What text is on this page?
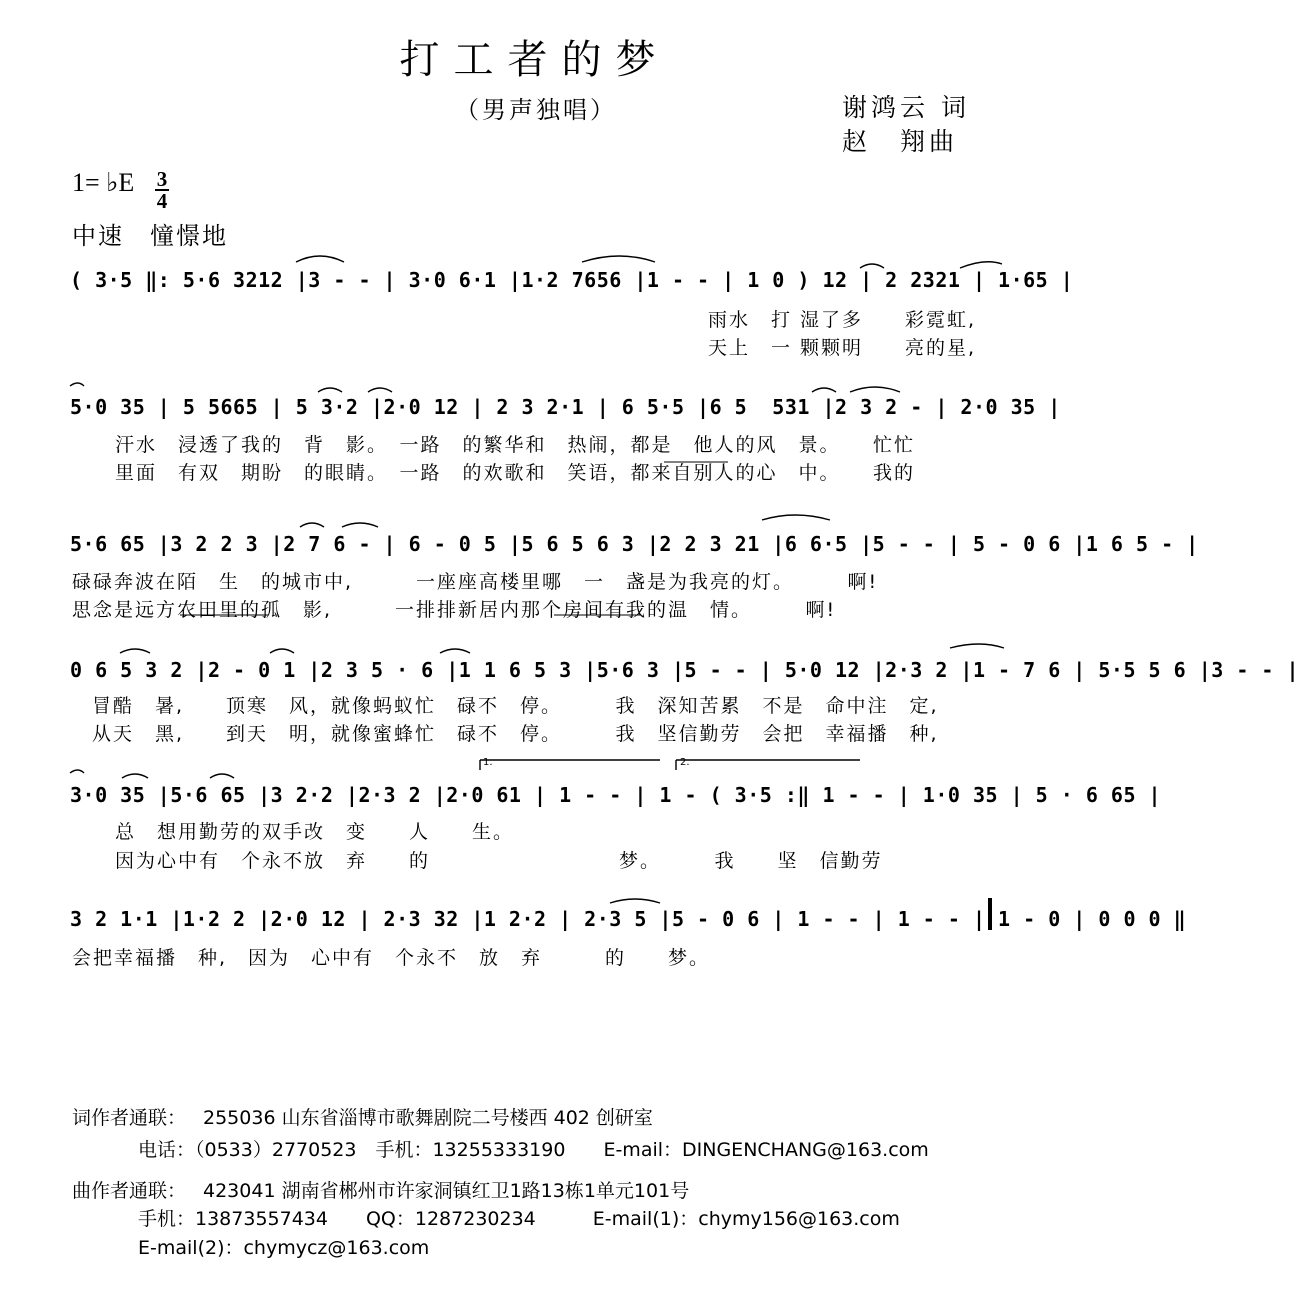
打工者的梦
（男声独唱）	谢鸿云 词
赵　翔曲
1= ♭E 3
4
中速　憧憬地
( 3·5 ‖: 5·6 3212 |3 - - | 3·0 6·1 |1·2 7656 |1 - - | 1 0 ) 12 | 2 2321 | 1·65 |
雨水　打 湿了多　　彩霓虹,
天上　一 颗颗明　　亮的星,
5·0 35 | 5 5665 | 5 3·2 |2·0 12 | 2 3 2·1 | 6 5·5 |6 5  531 |2 3 2 - | 2·0 35 |
汗水　浸透了我的　背　影。　一路　的繁华和　热闹，都是　他人的风　景。　　忙忙
里面　有双　期盼　的眼睛。　一路　的欢歌和　笑语，都来自别人的心　中。　　我的
5·6 65 |3 2 2 3 |2 7 6 - | 6 - 0 5 |5 6 5 6 3 |2 2 3 21 |6 6·5 |5 - - | 5 - 0 6 |1 6 5 - |
碌碌奔波在陌　生　的城市中,　　　一座座高楼里哪　一　盏是为我亮的灯。　　　啊!
思念是远方农田里的孤　影,　　　一排排新居内那个房间有我的温　情。　　　啊!
0 6 5 3 2 |2 - 0 1 |2 3 5 · 6 |1 1 6 5 3 |5·6 3 |5 - - | 5·0 12 |2·3 2 |1 - 7 6 | 5·5 5 6 |3 - - |
冒酷　暑,　　顶寒　风，就像蚂蚁忙　碌不　停。　　　我　深知苦累　不是　命中注　定,
从天　黑,　　到天　明，就像蜜蜂忙　碌不　停。　　　我　坚信勤劳　会把　幸福播　种,
1.	2.
3·0 35 |5·6 65 |3 2·2 |2·3 2 |2·0 61 | 1 - - | 1 - ( 3·5 :‖ 1 - - | 1·0 35 | 5 · 6 65 |
总　想用勤劳的双手改　变　　人　　生。
因为心中有　个永不放　弃　　的　　　　　　　　　梦。　　　我　　坚　信勤劳
3 2 1·1 |1·2 2 |2·0 12 | 2·3 32 |1 2·2 | 2·3 5 |5 - 0 6 | 1 - - | 1 - - | 1 - 0 | 0 0 0 ‖
会把幸福播　种,　因为　心中有　个永不　放　弃　　　的　　梦。
词作者通联： 255036 山东省淄博市歌舞剧院二号楼西 402 创研室
电话：（0533）2770523　手机：13255333190　　E-mail：DINGENCHANG@163.com
曲作者通联： 423041 湖南省郴州市许家洞镇红卫1路13栋1单元101号
手机：13873557434　　QQ：1287230234　　　E-mail(1)：chymy156@163.com
E-mail(2)：chymycz@163.com
